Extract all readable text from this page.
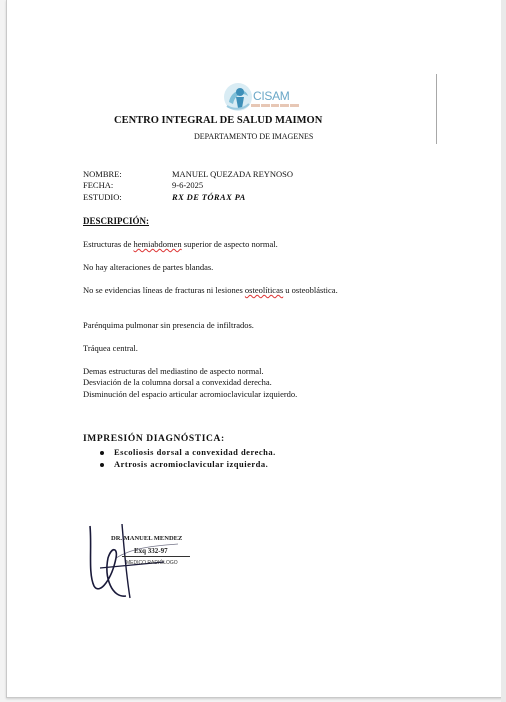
CISAM
CENTRO INTEGRAL DE SALUD MAIMON
DEPARTAMENTO DE IMAGENES
NOMBRE:	MANUEL QUEZADA REYNOSO
FECHA:	9-6-2025
ESTUDIO:	RX DE TÓRAX PA
DESCRIPCIÓN:
Estructuras de hemiabdomen superior de aspecto normal.
No hay alteraciones de partes blandas.
No se evidencias líneas de fracturas ni lesiones osteolíticas u osteoblástica.
Parénquima pulmonar sin presencia de infiltrados.
Tráquea central.
Demas estructuras del mediastino de aspecto normal.
Desviación de la columna dorsal a convexidad derecha.
Disminución del espacio articular acromioclavicular izquierdo.
IMPRESIÓN DIAGNÓSTICA:
Escoliosis dorsal a convexidad derecha.
Artrosis acromioclavicular izquierda.
DR. MANUEL MENDEZ
Exq 332-97
MEDICO RADIÓLOGO
